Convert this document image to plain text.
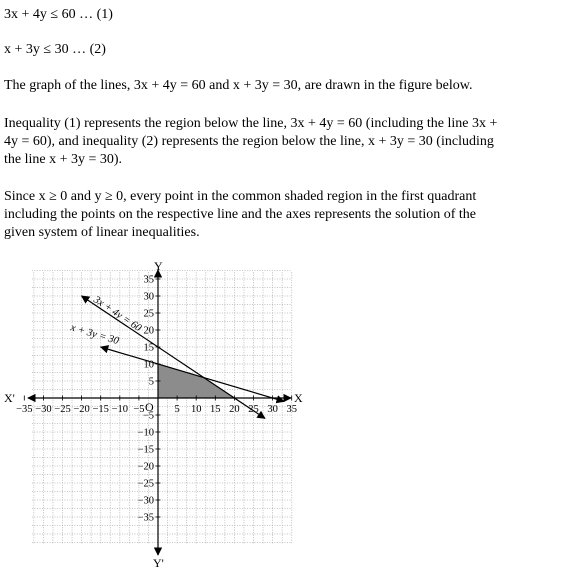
3x + 4y ≤ 60 … (1)

x + 3y ≤ 30 … (2)

The graph of the lines, 3x + 4y = 60 and x + 3y = 30, are drawn in the figure below.

Inequality (1) represents the region below the line, 3x + 4y = 60 (including the line 3x +

4y = 60), and inequality (2) represents the region below the line, x + 3y = 30 (including

the line x + 3y = 30).

Since x ≥ 0 and y ≥ 0, every point in the common shaded region in the first quadrant

including the points on the respective line and the axes represents the solution of the

given system of linear inequalities.

X
X'
Y
Y'
O
−35 −30 −25 −20 −15 −10 −5	5 10 15 20 25 30 35
35
30
25
20
15
10
5
−5
−10
−15
−20
−25
−30
−35
3x + 4y = 60
x + 3y = 30
